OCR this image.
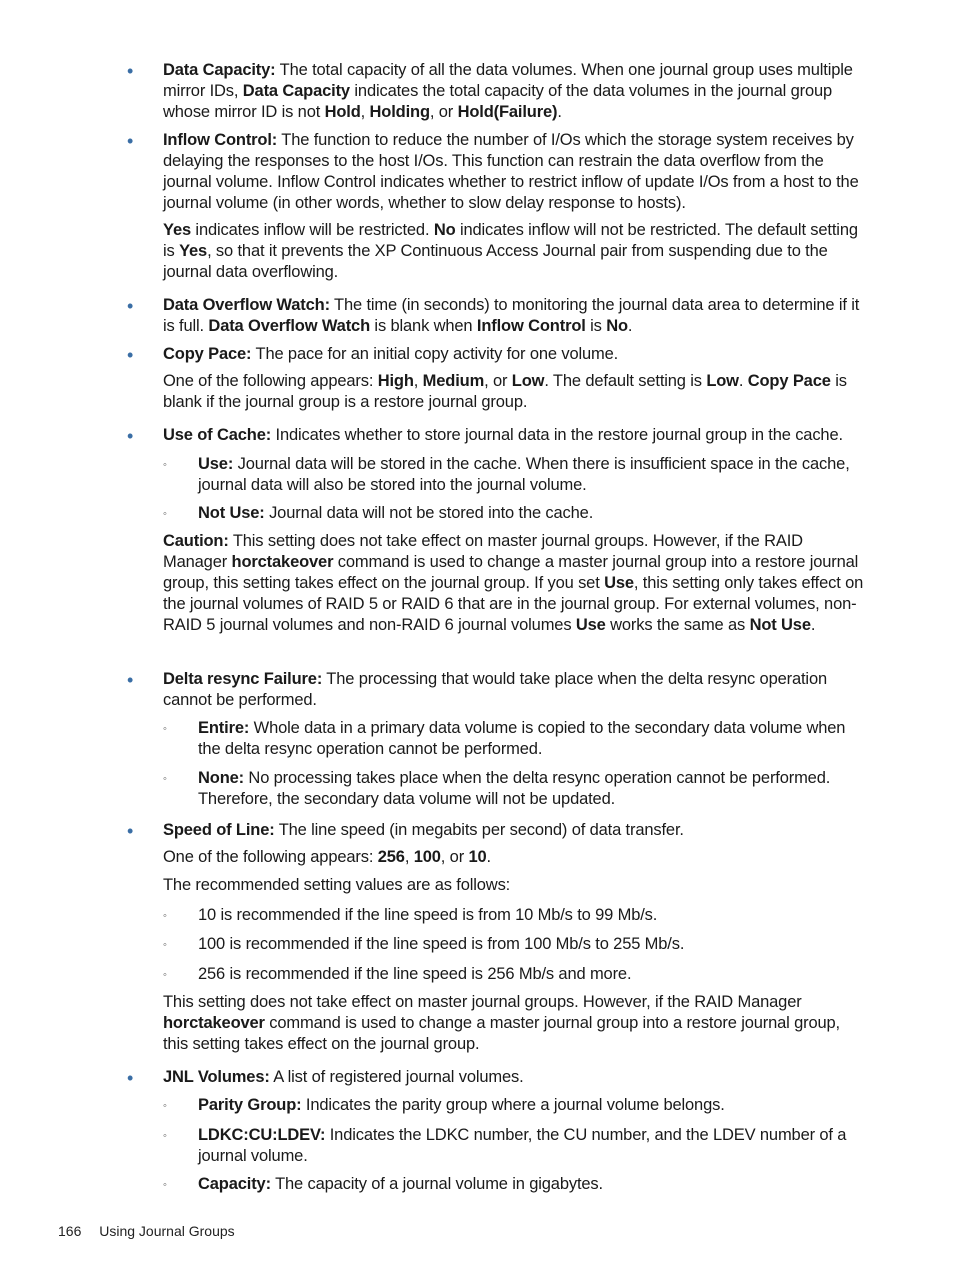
• Data Capacity: The total capacity of all the data volumes. When one journal group uses multiple mirror IDs, Data Capacity indicates the total capacity of the data volumes in the journal group whose mirror ID is not Hold, Holding, or Hold(Failure).

• Inflow Control: The function to reduce the number of I/Os which the storage system receives by delaying the responses to the host I/Os. This function can restrain the data overflow from the journal volume. Inflow Control indicates whether to restrict inflow of update I/Os from a host to the journal volume (in other words, whether to slow delay response to hosts).

Yes indicates inflow will be restricted. No indicates inflow will not be restricted. The default setting is Yes, so that it prevents the XP Continuous Access Journal pair from suspending due to the journal data overflowing.

• Data Overflow Watch: The time (in seconds) to monitoring the journal data area to determine if it is full. Data Overflow Watch is blank when Inflow Control is No.

• Copy Pace: The pace for an initial copy activity for one volume.

One of the following appears: High, Medium, or Low. The default setting is Low. Copy Pace is blank if the journal group is a restore journal group.

• Use of Cache: Indicates whether to store journal data in the restore journal group in the cache.

◦	Use: Journal data will be stored in the cache. When there is insufficient space in the cache, journal data will also be stored into the journal volume.

◦	Not Use: Journal data will not be stored into the cache.

Caution: This setting does not take effect on master journal groups. However, if the RAID Manager horctakeover command is used to change a master journal group into a restore journal group, this setting takes effect on the journal group. If you set Use, this setting only takes effect on the journal volumes of RAID 5 or RAID 6 that are in the journal group. For external volumes, non-RAID 5 journal volumes and non-RAID 6 journal volumes Use works the same as Not Use.

• Delta resync Failure: The processing that would take place when the delta resync operation cannot be performed.

◦	Entire: Whole data in a primary data volume is copied to the secondary data volume when the delta resync operation cannot be performed.

◦	None: No processing takes place when the delta resync operation cannot be performed. Therefore, the secondary data volume will not be updated.

• Speed of Line: The line speed (in megabits per second) of data transfer.

One of the following appears: 256, 100, or 10.

The recommended setting values are as follows:

◦	10 is recommended if the line speed is from 10 Mb/s to 99 Mb/s.

◦	100 is recommended if the line speed is from 100 Mb/s to 255 Mb/s.

◦	256 is recommended if the line speed is 256 Mb/s and more.

This setting does not take effect on master journal groups. However, if the RAID Manager horctakeover command is used to change a master journal group into a restore journal group, this setting takes effect on the journal group.

• JNL Volumes: A list of registered journal volumes.

◦	Parity Group: Indicates the parity group where a journal volume belongs.

◦	LDKC:CU:LDEV: Indicates the LDKC number, the CU number, and the LDEV number of a journal volume.

◦	Capacity: The capacity of a journal volume in gigabytes.

166 Using Journal Groups
